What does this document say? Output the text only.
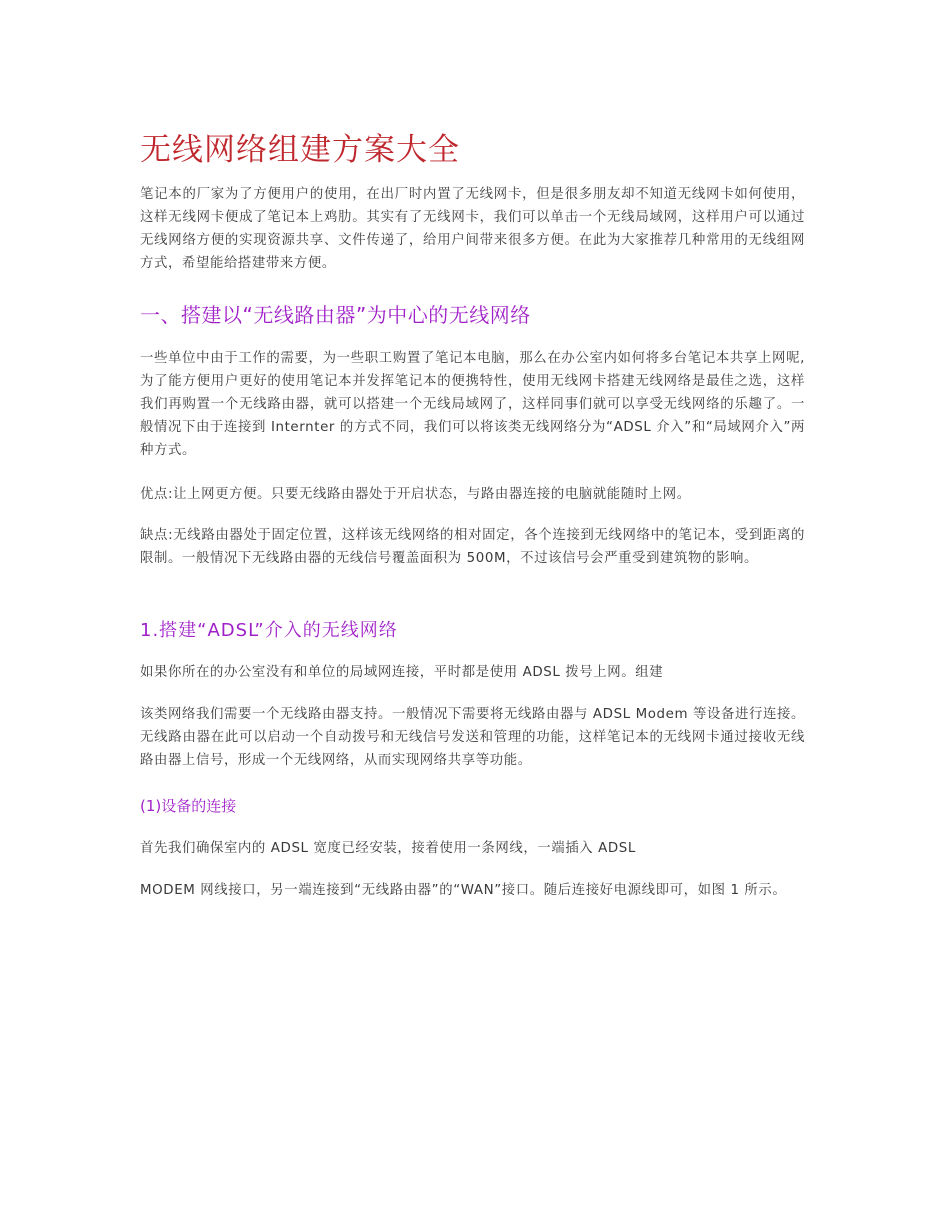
无线网络组建方案大全

笔记本的厂家为了方便用户的使用，在出厂时内置了无线网卡，但是很多朋友却不知道无线网卡如何使用，这样无线网卡便成了笔记本上鸡肋。其实有了无线网卡，我们可以单击一个无线局域网，这样用户可以通过无线网络方便的实现资源共享、文件传递了，给用户间带来很多方便。在此为大家推荐几种常用的无线组网方式，希望能给搭建带来方便。

一、搭建以“无线路由器”为中心的无线网络

一些单位中由于工作的需要，为一些职工购置了笔记本电脑，那么在办公室内如何将多台笔记本共享上网呢,为了能方便用户更好的使用笔记本并发挥笔记本的便携特性，使用无线网卡搭建无线网络是最佳之选，这样我们再购置一个无线路由器，就可以搭建一个无线局域网了，这样同事们就可以享受无线网络的乐趣了。一般情况下由于连接到 Internter 的方式不同，我们可以将该类无线网络分为“ADSL 介入”和“局域网介入”两种方式。

优点:让上网更方便。只要无线路由器处于开启状态，与路由器连接的电脑就能随时上网。

缺点:无线路由器处于固定位置，这样该无线网络的相对固定，各个连接到无线网络中的笔记本，受到距离的限制。一般情况下无线路由器的无线信号覆盖面积为 500M，不过该信号会严重受到建筑物的影响。

1.搭建“ADSL”介入的无线网络

如果你所在的办公室没有和单位的局域网连接，平时都是使用 ADSL 拨号上网。组建

该类网络我们需要一个无线路由器支持。一般情况下需要将无线路由器与 ADSL Modem 等设备进行连接。无线路由器在此可以启动一个自动拨号和无线信号发送和管理的功能，这样笔记本的无线网卡通过接收无线路由器上信号，形成一个无线网络，从而实现网络共享等功能。

(1)设备的连接

首先我们确保室内的 ADSL 宽度已经安装，接着使用一条网线，一端插入 ADSL

MODEM 网线接口，另一端连接到“无线路由器”的“WAN”接口。随后连接好电源线即可，如图 1 所示。
